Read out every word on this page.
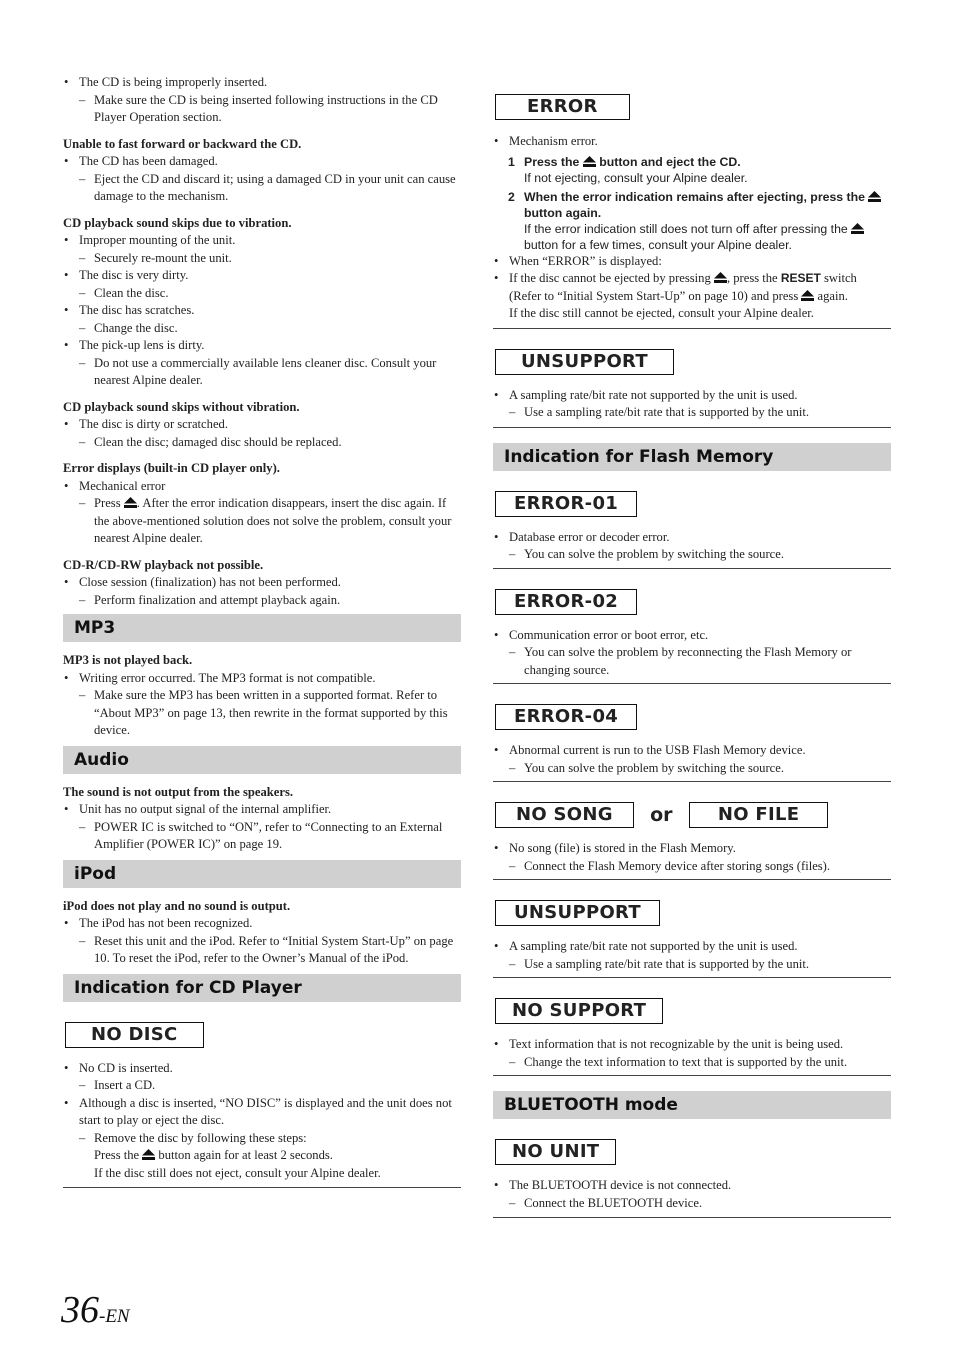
• The CD is being improperly inserted.
– Make sure the CD is being inserted following instructions in the CD Player Operation section.
Unable to fast forward or backward the CD.
• The CD has been damaged.
– Eject the CD and discard it; using a damaged CD in your unit can cause damage to the mechanism.
CD playback sound skips due to vibration.
• Improper mounting of the unit.
– Securely re-mount the unit.
• The disc is very dirty.
– Clean the disc.
• The disc has scratches.
– Change the disc.
• The pick-up lens is dirty.
– Do not use a commercially available lens cleaner disc. Consult your nearest Alpine dealer.
CD playback sound skips without vibration.
• The disc is dirty or scratched.
– Clean the disc; damaged disc should be replaced.
Error displays (built-in CD player only).
• Mechanical error
– Press . After the error indication disappears, insert the disc again. If the above-mentioned solution does not solve the problem, consult your nearest Alpine dealer.
CD-R/CD-RW playback not possible.
• Close session (finalization) has not been performed.
– Perform finalization and attempt playback again.
MP3
MP3 is not played back.
• Writing error occurred. The MP3 format is not compatible.
– Make sure the MP3 has been written in a supported format. Refer to “About MP3” on page 13, then rewrite in the format supported by this device.
Audio
The sound is not output from the speakers.
• Unit has no output signal of the internal amplifier.
– POWER IC is switched to “ON”, refer to “Connecting to an External Amplifier (POWER IC)” on page 19.
iPod
iPod does not play and no sound is output.
• The iPod has not been recognized.
– Reset this unit and the iPod. Refer to “Initial System Start-Up” on page 10. To reset the iPod, refer to the Owner’s Manual of the iPod.
Indication for CD Player
NO DISC
• No CD is inserted.
– Insert a CD.
• Although a disc is inserted, “NO DISC” is displayed and the unit does not start to play or eject the disc.
– Remove the disc by following these steps:
Press the  button again for at least 2 seconds.
If the disc still does not eject, consult your Alpine dealer.
ERROR
• Mechanism error.
1 Press the  button and eject the CD.
If not ejecting, consult your Alpine dealer.
2 When the error indication remains after ejecting, press the  button again.
If the error indication still does not turn off after pressing the  button for a few times, consult your Alpine dealer.
• When “ERROR” is displayed:
• If the disc cannot be ejected by pressing , press the RESET switch (Refer to “Initial System Start-Up” on page 10) and press  again.
If the disc still cannot be ejected, consult your Alpine dealer.
UNSUPPORT
• A sampling rate/bit rate not supported by the unit is used.
– Use a sampling rate/bit rate that is supported by the unit.
Indication for Flash Memory
ERROR-01
• Database error or decoder error.
– You can solve the problem by switching the source.
ERROR-02
• Communication error or boot error, etc.
– You can solve the problem by reconnecting the Flash Memory or changing source.
ERROR-04
• Abnormal current is run to the USB Flash Memory device.
– You can solve the problem by switching the source.
NO SONG or	NO FILE
• No song (file) is stored in the Flash Memory.
– Connect the Flash Memory device after storing songs (files).
UNSUPPORT
• A sampling rate/bit rate not supported by the unit is used.
– Use a sampling rate/bit rate that is supported by the unit.
NO SUPPORT
• Text information that is not recognizable by the unit is being used.
– Change the text information to text that is supported by the unit.
BLUETOOTH mode
NO UNIT
• The BLUETOOTH device is not connected.
– Connect the BLUETOOTH device.
36-EN
